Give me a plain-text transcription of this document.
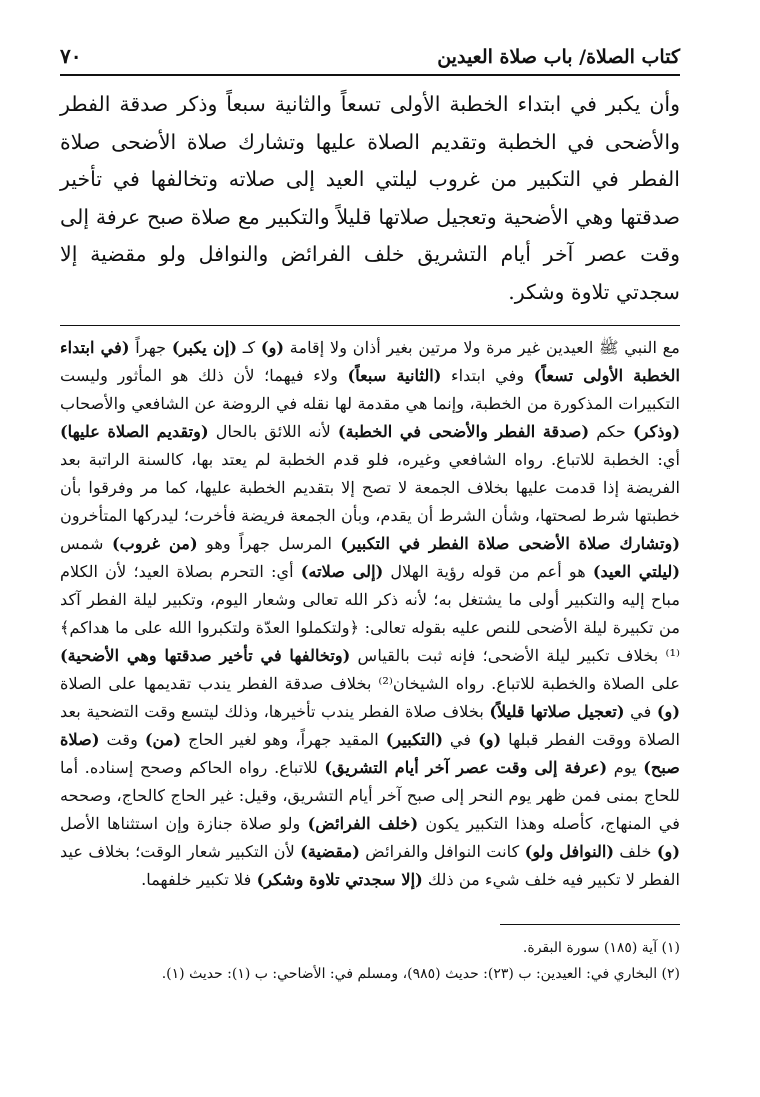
كتاب الصلاة/ باب صلاة العيدين
٧٠

وأن يكبر في ابتداء الخطبة الأولى تسعاً والثانية سبعاً وذكر صدقة الفطر والأضحى في الخطبة وتقديم الصلاة عليها وتشارك صلاة الأضحى صلاة الفطر في التكبير من غروب ليلتي العيد إلى صلاته وتخالفها في تأخير صدقتها وهي الأضحية وتعجيل صلاتها قليلاً والتكبير مع صلاة صبح عرفة إلى وقت عصر آخر أيام التشريق خلف الفرائض والنوافل ولو مقضية إلا سجدتي تلاوة وشكر.

مع النبي ﷺ العيدين غير مرة ولا مرتين بغير أذان ولا إقامة (و) كـ (إن يكبر) جهراً (في ابتداء الخطبة الأولى تسعاً) وفي ابتداء (الثانية سبعاً) ولاء فيهما؛ لأن ذلك هو المأثور وليست التكبيرات المذكورة من الخطبة، وإنما هي مقدمة لها نقله في الروضة عن الشافعي والأصحاب (وذكر) حكم (صدقة الفطر والأضحى في الخطبة) لأنه اللائق بالحال (وتقديم الصلاة عليها) أي: الخطبة للاتباع. رواه الشافعي وغيره، فلو قدم الخطبة لم يعتد بها، كالسنة الراتبة بعد الفريضة إذا قدمت عليها بخلاف الجمعة لا تصح إلا بتقديم الخطبة عليها، كما مر وفرقوا بأن خطبتها شرط لصحتها، وشأن الشرط أن يقدم، وبأن الجمعة فريضة فأخرت؛ ليدركها المتأخرون (وتشارك صلاة الأضحى صلاة الفطر في التكبير) المرسل جهراً وهو (من غروب) شمس (ليلتي العيد) هو أعم من قوله رؤية الهلال (إلى صلاته) أي: التحرم بصلاة العيد؛ لأن الكلام مباح إليه والتكبير أولى ما يشتغل به؛ لأنه ذكر الله تعالى وشعار اليوم، وتكبير ليلة الفطر آكد من تكبيرة ليلة الأضحى للنص عليه بقوله تعالى: ﴿ولتكملوا العدّة ولتكبروا الله على ما هداكم﴾⁽¹⁾ بخلاف تكبير ليلة الأضحى؛ فإنه ثبت بالقياس (وتخالفها في تأخير صدقتها وهي الأضحية) على الصلاة والخطبة للاتباع. رواه الشيخان⁽²⁾ بخلاف صدقة الفطر يندب تقديمها على الصلاة (و) في (تعجيل صلاتها قليلاً) بخلاف صلاة الفطر يندب تأخيرها، وذلك ليتسع وقت التضحية بعد الصلاة ووقت الفطر قبلها (و) في (التكبير) المقيد جهراً، وهو لغير الحاج (من) وقت (صلاة صبح) يوم (عرفة إلى وقت عصر آخر أيام التشريق) للاتباع. رواه الحاكم وصحح إسناده. أما للحاج بمنى فمن ظهر يوم النحر إلى صبح آخر أيام التشريق، وقيل: غير الحاج كالحاج، وصححه في المنهاج، كأصله وهذا التكبير يكون (خلف الفرائض) ولو صلاة جنازة وإن استثناها الأصل (و) خلف (النوافل ولو) كانت النوافل والفرائض (مقضية) لأن التكبير شعار الوقت؛ بخلاف عيد الفطر لا تكبير فيه خلف شيء من ذلك (إلا سجدتي تلاوة وشكر) فلا تكبير خلفهما.

(١) آية (١٨٥) سورة البقرة.
(٢) البخاري في: العيدين: ب (٢٣): حديث (٩٨٥)، ومسلم في: الأضاحي: ب (١): حديث (١).
